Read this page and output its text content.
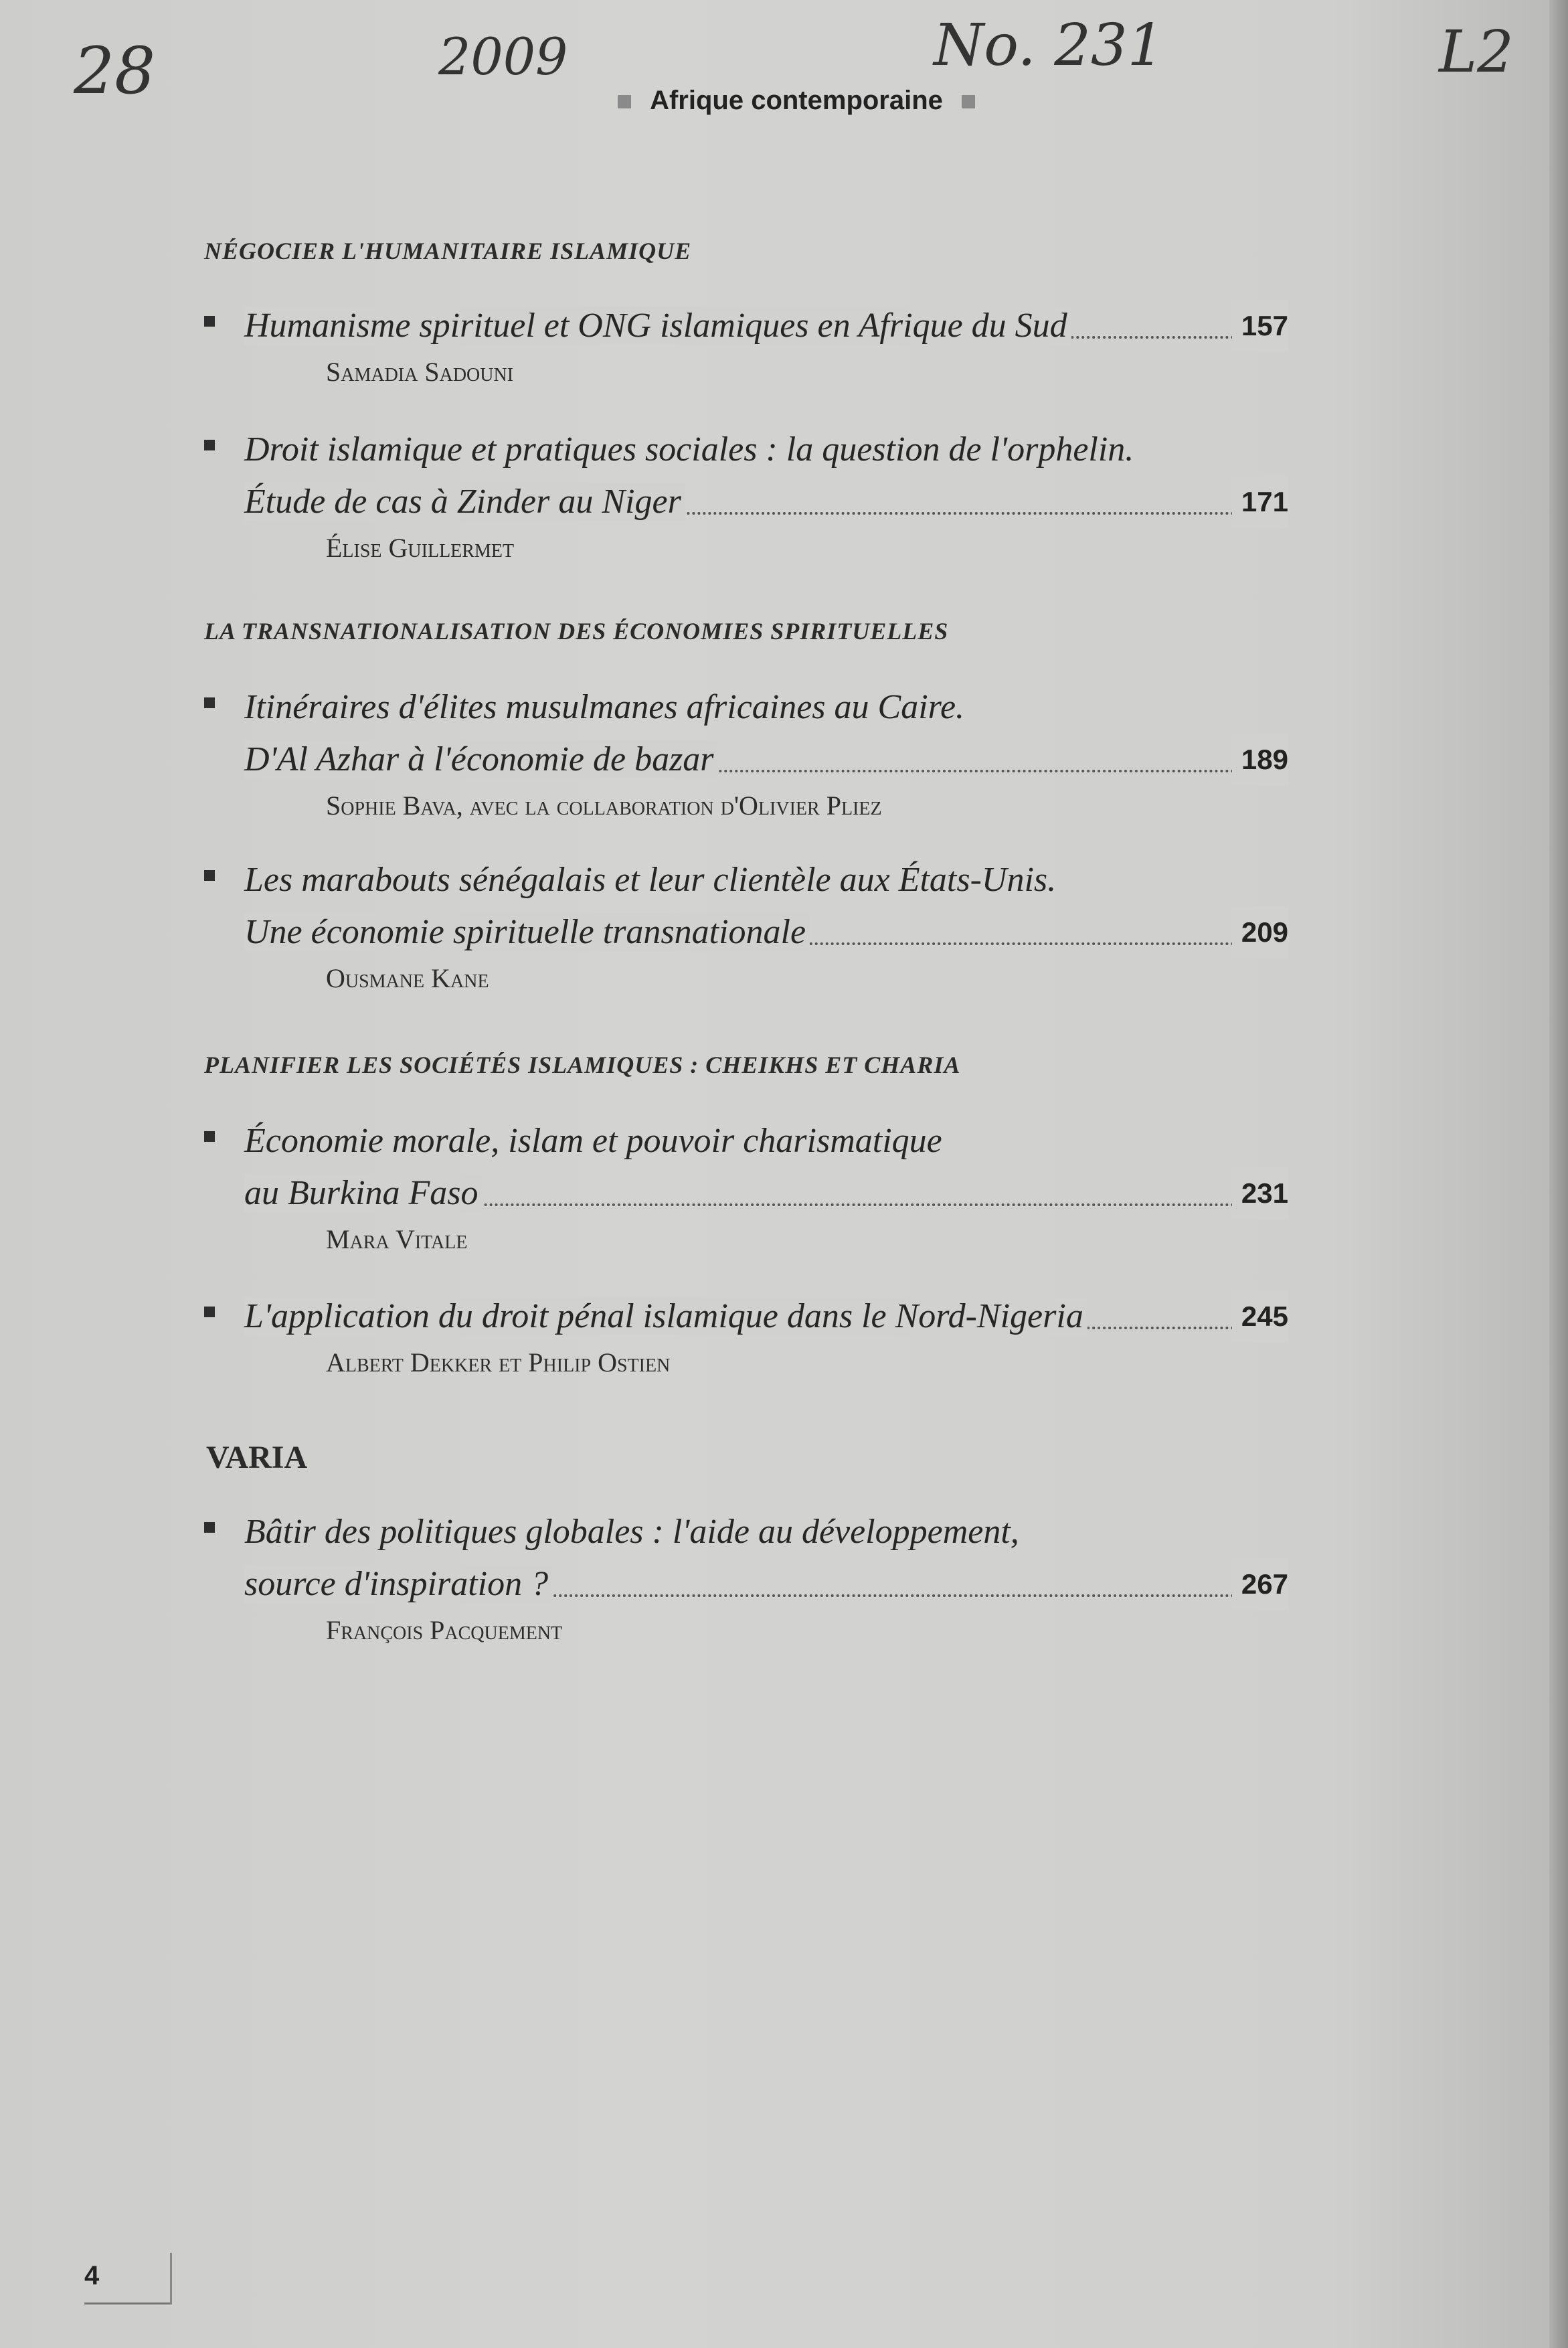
28	2009	No. 231	L2
Afrique contemporaine
NÉGOCIER L'HUMANITAIRE ISLAMIQUE
Humanisme spirituel et ONG islamiques en Afrique du Sud	157
Samadia Sadouni
Droit islamique et pratiques sociales : la question de l'orphelin.
Étude de cas à Zinder au Niger	171
Élise Guillermet
LA TRANSNATIONALISATION DES ÉCONOMIES SPIRITUELLES
Itinéraires d'élites musulmanes africaines au Caire.
D'Al Azhar à l'économie de bazar	189
Sophie Bava, avec la collaboration d'Olivier Pliez
Les marabouts sénégalais et leur clientèle aux États-Unis.
Une économie spirituelle transnationale	209
Ousmane Kane
PLANIFIER LES SOCIÉTÉS ISLAMIQUES : CHEIKHS ET CHARIA
Économie morale, islam et pouvoir charismatique
au Burkina Faso	231
Mara Vitale
L'application du droit pénal islamique dans le Nord-Nigeria	245
Albert Dekker et Philip Ostien
VARIA
Bâtir des politiques globales : l'aide au développement,
source d'inspiration ?	267
François Pacquement
4
